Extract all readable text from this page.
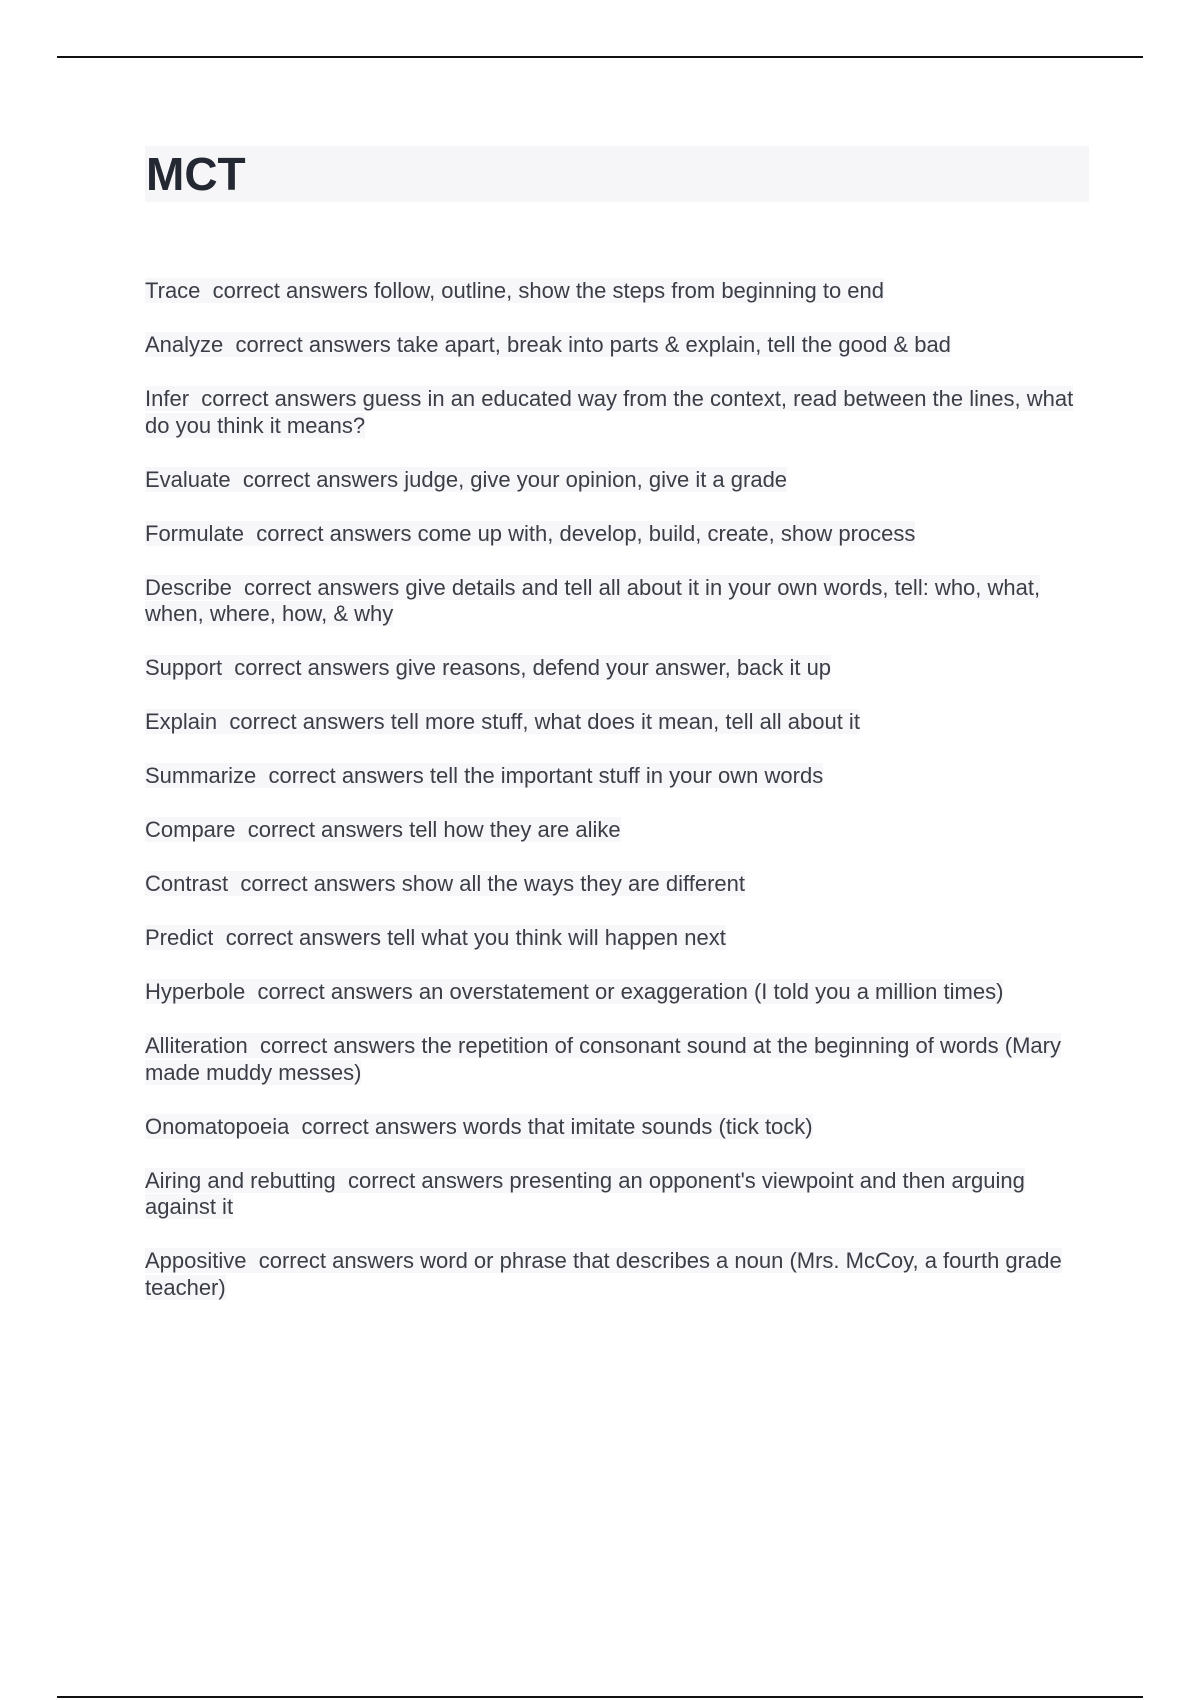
MCT

Trace  correct answers follow, outline, show the steps from beginning to end

Analyze  correct answers take apart, break into parts & explain, tell the good & bad

Infer  correct answers guess in an educated way from the context, read between the lines, what do you think it means?

Evaluate  correct answers judge, give your opinion, give it a grade

Formulate  correct answers come up with, develop, build, create, show process

Describe  correct answers give details and tell all about it in your own words, tell: who, what, when, where, how, & why

Support  correct answers give reasons, defend your answer, back it up

Explain  correct answers tell more stuff, what does it mean, tell all about it

Summarize  correct answers tell the important stuff in your own words

Compare  correct answers tell how they are alike

Contrast  correct answers show all the ways they are different

Predict  correct answers tell what you think will happen next

Hyperbole  correct answers an overstatement or exaggeration (I told you a million times)

Alliteration  correct answers the repetition of consonant sound at the beginning of words (Mary made muddy messes)

Onomatopoeia  correct answers words that imitate sounds (tick tock)

Airing and rebutting  correct answers presenting an opponent's viewpoint and then arguing against it

Appositive  correct answers word or phrase that describes a noun (Mrs. McCoy, a fourth grade teacher)
